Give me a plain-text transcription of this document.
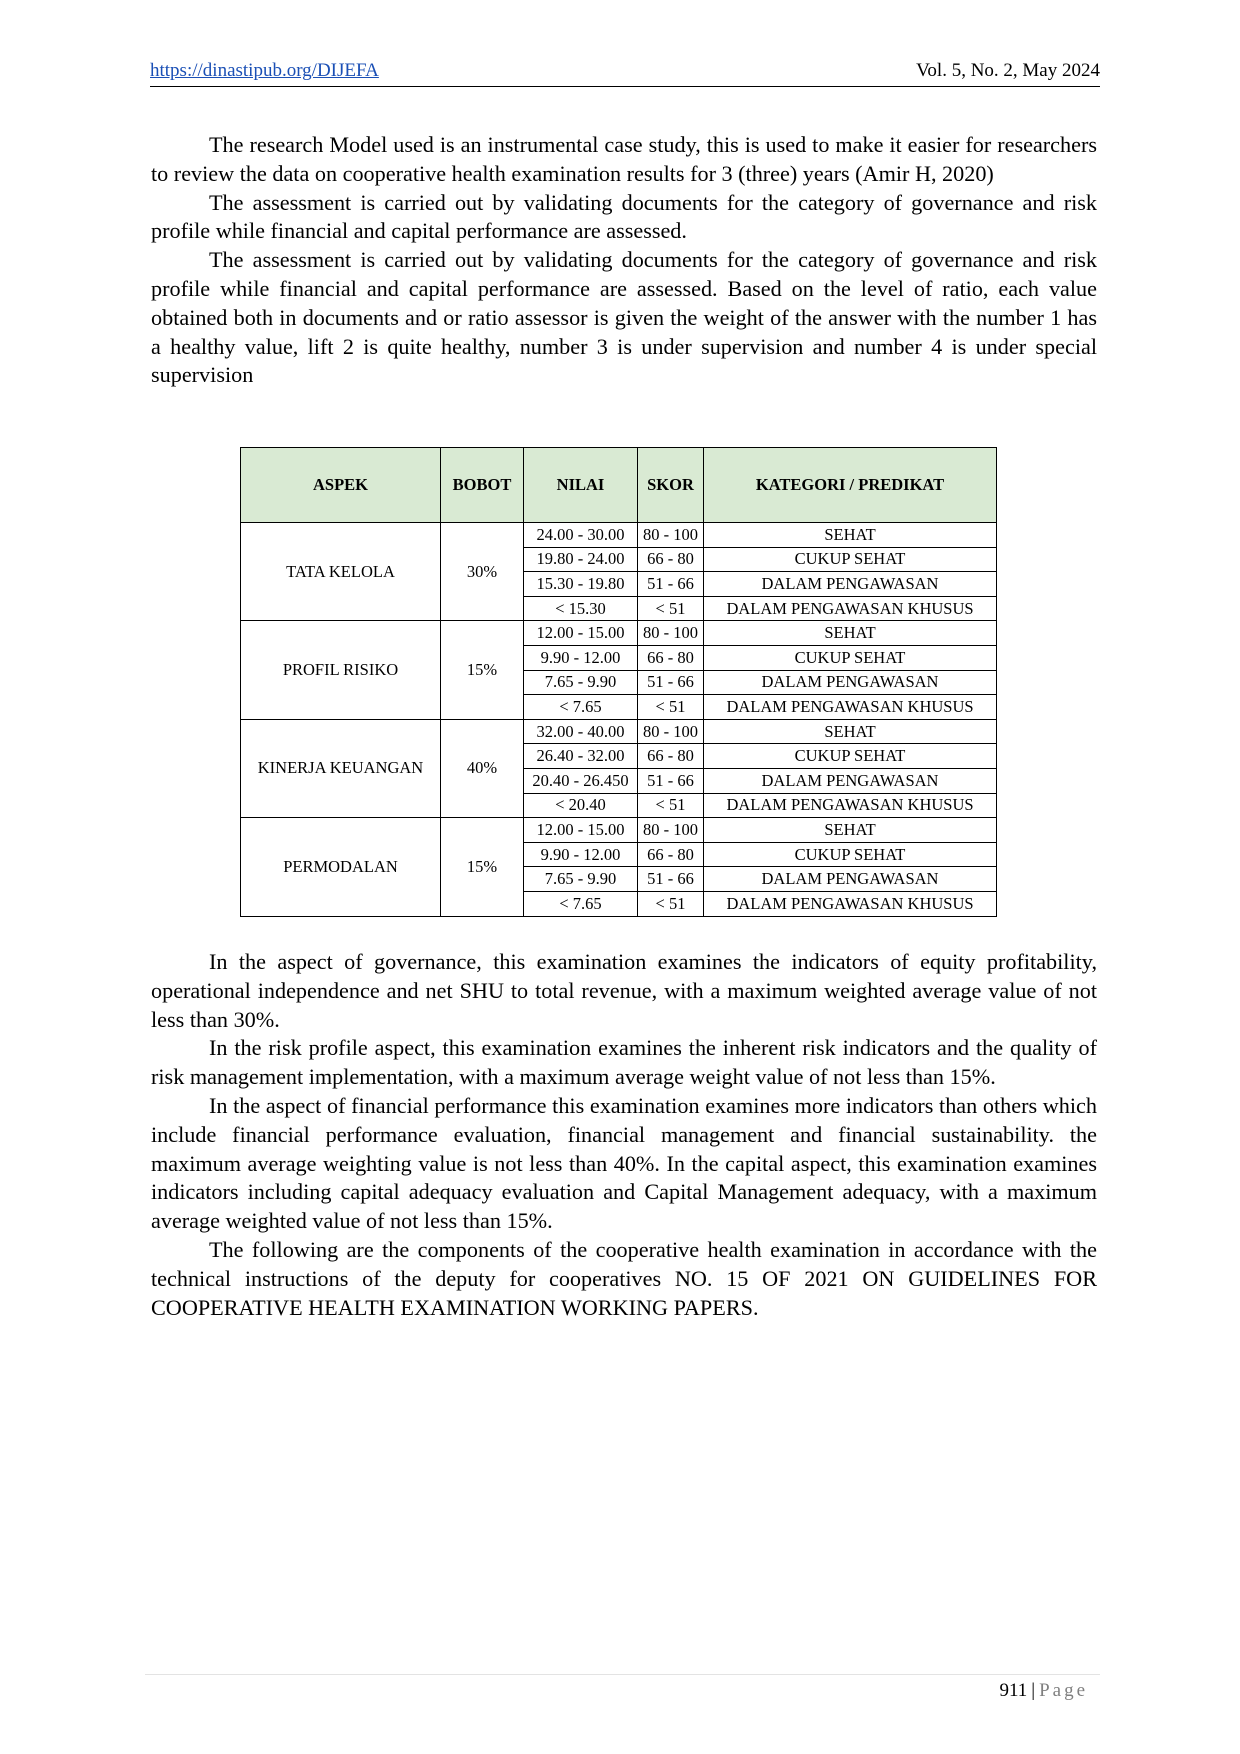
https://dinastipub.org/DIJEFA	Vol. 5, No. 2, May 2024

The research Model used is an instrumental case study, this is used to make it easier for researchers to review the data on cooperative health examination results for 3 (three) years (Amir H, 2020)

The assessment is carried out by validating documents for the category of governance and risk profile while financial and capital performance are assessed.

The assessment is carried out by validating documents for the category of governance and risk profile while financial and capital performance are assessed. Based on the level of ratio, each value obtained both in documents and or ratio assessor is given the weight of the answer with the number 1 has a healthy value, lift 2 is quite healthy, number 3 is under supervision and number 4 is under special supervision

ASPEK	BOBOT	NILAI	SKOR	KATEGORI / PREDIKAT
TATA KELOLA	30%	24.00 - 30.00	80 - 100	SEHAT
		19.80 - 24.00	66 - 80	CUKUP SEHAT
		15.30 - 19.80	51 - 66	DALAM PENGAWASAN
		< 15.30	< 51	DALAM PENGAWASAN KHUSUS
PROFIL RISIKO	15%	12.00 - 15.00	80 - 100	SEHAT
		9.90 - 12.00	66 - 80	CUKUP SEHAT
		7.65 - 9.90	51 - 66	DALAM PENGAWASAN
		< 7.65	< 51	DALAM PENGAWASAN KHUSUS
KINERJA KEUANGAN	40%	32.00 - 40.00	80 - 100	SEHAT
		26.40 - 32.00	66 - 80	CUKUP SEHAT
		20.40 - 26.450	51 - 66	DALAM PENGAWASAN
		< 20.40	< 51	DALAM PENGAWASAN KHUSUS
PERMODALAN	15%	12.00 - 15.00	80 - 100	SEHAT
		9.90 - 12.00	66 - 80	CUKUP SEHAT
		7.65 - 9.90	51 - 66	DALAM PENGAWASAN
		< 7.65	< 51	DALAM PENGAWASAN KHUSUS

In the aspect of governance, this examination examines the indicators of equity profitability, operational independence and net SHU to total revenue, with a maximum weighted average value of not less than 30%.

In the risk profile aspect, this examination examines the inherent risk indicators and the quality of risk management implementation, with a maximum average weight value of not less than 15%.

In the aspect of financial performance this examination examines more indicators than others which include financial performance evaluation, financial management and financial sustainability. the maximum average weighting value is not less than 40%. In the capital aspect, this examination examines indicators including capital adequacy evaluation and Capital Management adequacy, with a maximum average weighted value of not less than 15%.

The following are the components of the cooperative health examination in accordance with the technical instructions of the deputy for cooperatives NO. 15 OF 2021 ON GUIDELINES FOR COOPERATIVE HEALTH EXAMINATION WORKING PAPERS.

911 | Page
